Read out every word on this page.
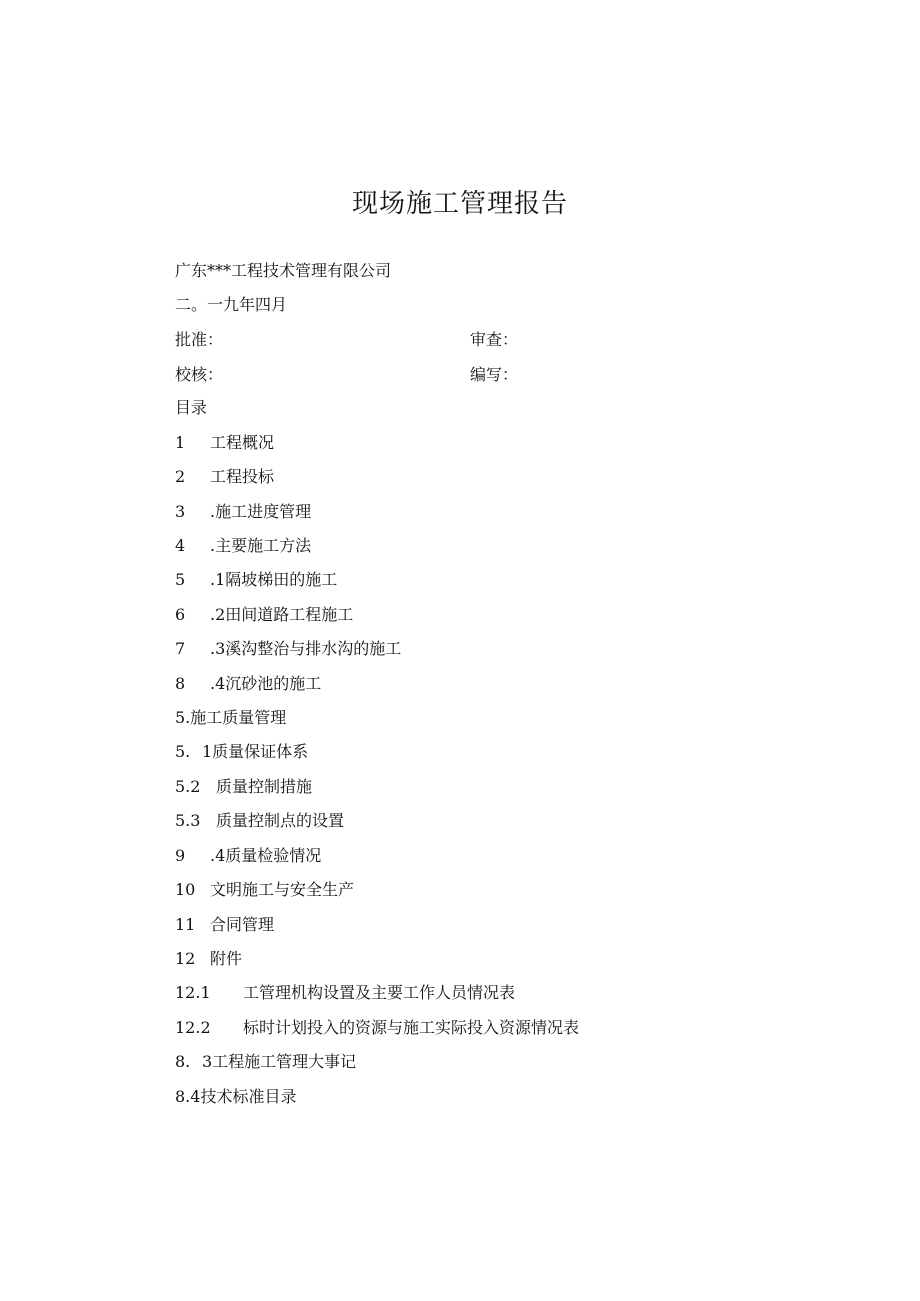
现场施工管理报告
广东***工程技术管理有限公司
二。一九年四月
批准：	审查：
校核：	编写：
目录
1 工程概况
2 工程投标
3 .施工进度管理
4 .主要施工方法
5 .1隔坡梯田的施工
6 .2田间道路工程施工
7 .3溪沟整治与排水沟的施工
8 .4沉砂池的施工
5.施工质量管理
5. 1质量保证体系
5.2 质量控制措施
5.3 质量控制点的设置
9 .4质量检验情况
10 文明施工与安全生产
11 合同管理
12 附件
12.1 工管理机构设置及主要工作人员情况表
12.2 标时计划投入的资源与施工实际投入资源情况表
8. 3工程施工管理大事记
8.4技术标准目录
